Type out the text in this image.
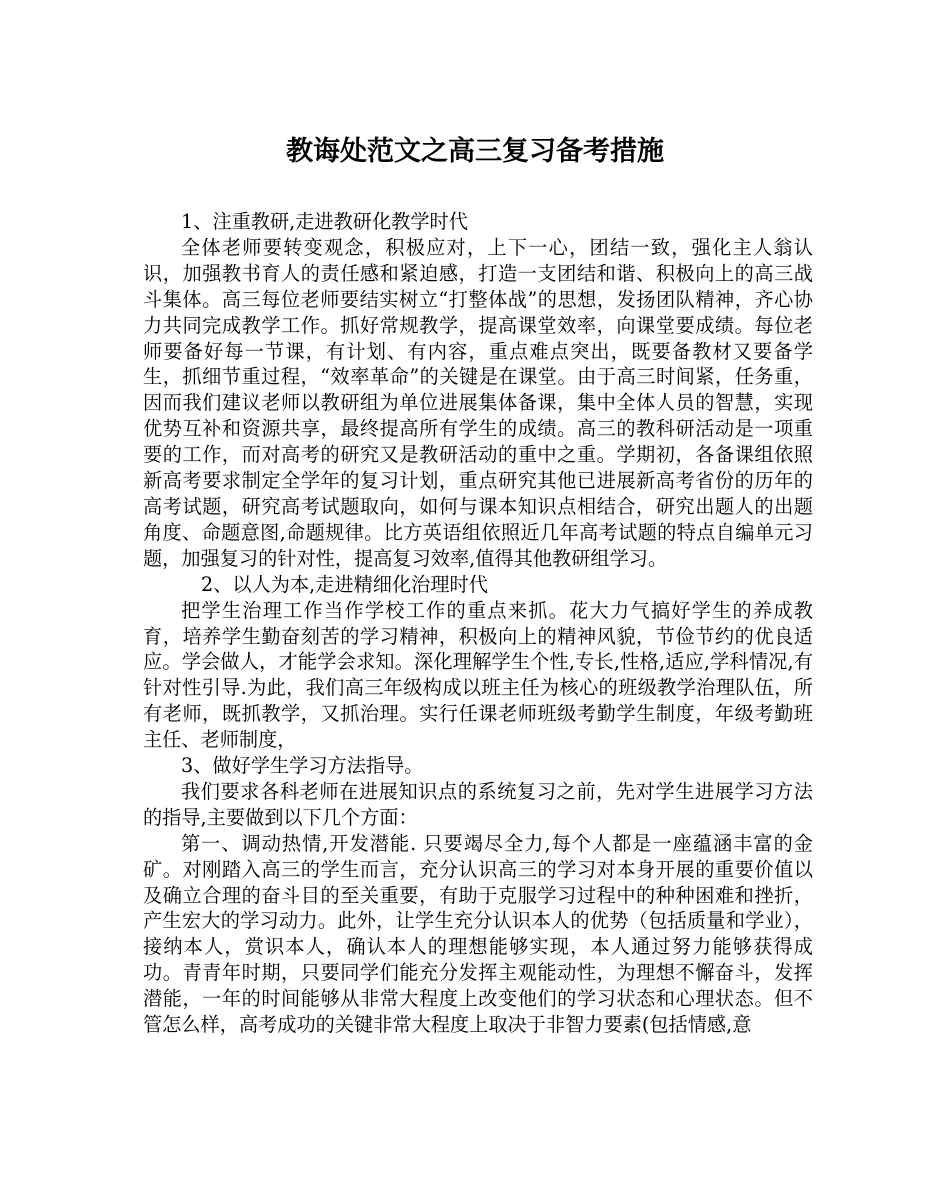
教诲处范文之高三复习备考措施

1、注重教研,走进教研化教学时代

全体老师要转变观念，积极应对，上下一心，团结一致，强化主人翁认识，加强教书育人的责任感和紧迫感，打造一支团结和谐、积极向上的高三战斗集体。高三每位老师要结实树立“打整体战”的思想，发扬团队精神，齐心协力共同完成教学工作。抓好常规教学，提高课堂效率，向课堂要成绩。每位老师要备好每一节课，有计划、有内容，重点难点突出，既要备教材又要备学生，抓细节重过程，“效率革命”的关键是在课堂。由于高三时间紧，任务重，因而我们建议老师以教研组为单位进展集体备课，集中全体人员的智慧，实现优势互补和资源共享，最终提高所有学生的成绩。高三的教科研活动是一项重要的工作，而对高考的研究又是教研活动的重中之重。学期初，各备课组依照新高考要求制定全学年的复习计划，重点研究其他已进展新高考省份的历年的高考试题，研究高考试题取向，如何与课本知识点相结合，研究出题人的出题角度、命题意图,命题规律。比方英语组依照近几年高考试题的特点自编单元习题，加强复习的针对性，提高复习效率,值得其他教研组学习。

2、以人为本,走进精细化治理时代

把学生治理工作当作学校工作的重点来抓。花大力气搞好学生的养成教育，培养学生勤奋刻苦的学习精神，积极向上的精神风貌，节俭节约的优良适应。学会做人，才能学会求知。深化理解学生个性,专长,性格,适应,学科情况,有针对性引导.为此，我们高三年级构成以班主任为核心的班级教学治理队伍，所有老师，既抓教学，又抓治理。实行任课老师班级考勤学生制度，年级考勤班主任、老师制度，

3、做好学生学习方法指导。

我们要求各科老师在进展知识点的系统复习之前，先对学生进展学习方法的指导,主要做到以下几个方面：

第一、调动热情,开发潜能. 只要竭尽全力,每个人都是一座蕴涵丰富的金矿。对刚踏入高三的学生而言，充分认识高三的学习对本身开展的重要价值以及确立合理的奋斗目的至关重要，有助于克服学习过程中的种种困难和挫折，产生宏大的学习动力。此外，让学生充分认识本人的优势（包括质量和学业），接纳本人，赏识本人，确认本人的理想能够实现，本人通过努力能够获得成功。青青年时期，只要同学们能充分发挥主观能动性，为理想不懈奋斗，发挥潜能，一年的时间能够从非常大程度上改变他们的学习状态和心理状态。但不管怎么样，高考成功的关键非常大程度上取决于非智力要素(包括情感,意
